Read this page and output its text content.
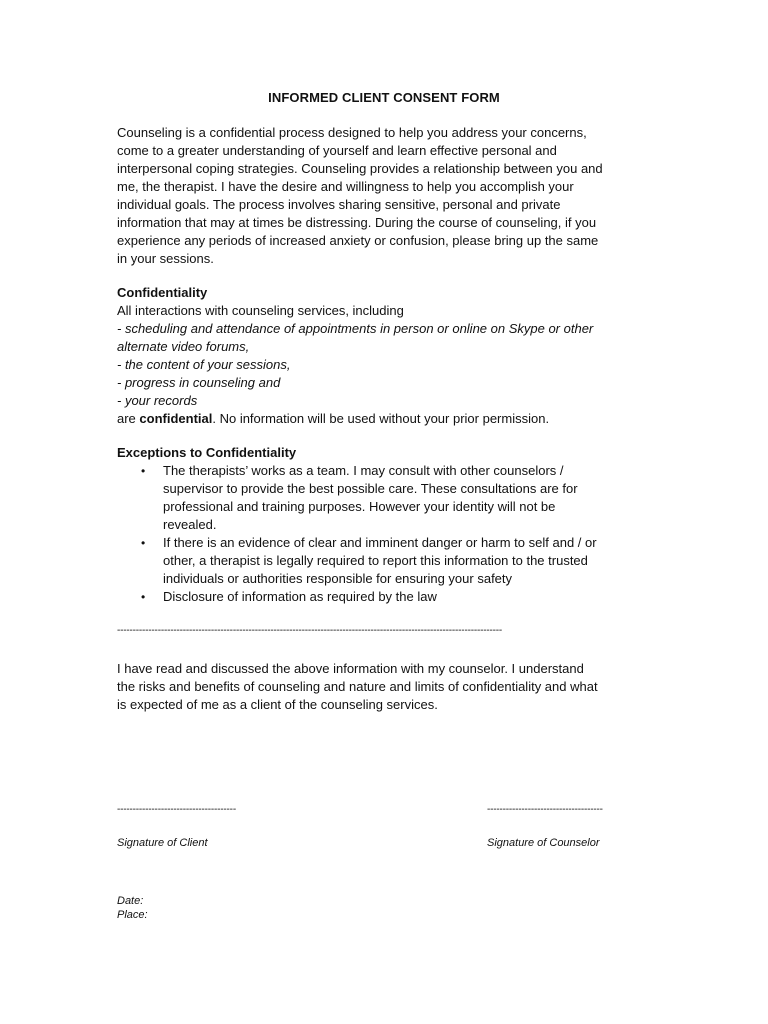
INFORMED CLIENT CONSENT FORM
Counseling is a confidential process designed to help you address your concerns,
come to a greater understanding of yourself and learn effective personal and
interpersonal coping strategies. Counseling provides a relationship between you and
me, the therapist. I have the desire and willingness to help you accomplish your
individual goals. The process involves sharing sensitive, personal and private
information that may at times be distressing. During the course of counseling, if you
experience any periods of increased anxiety or confusion, please bring up the same
in your sessions.
Confidentiality
All interactions with counseling services, including
- scheduling and attendance of appointments in person or online on Skype or other
alternate video forums,
- the content of your sessions,
- progress in counseling and
- your records
are confidential. No information will be used without your prior permission.
Exceptions to Confidentiality
• The therapists’ works as a team. I may consult with other counselors /
supervisor to provide the best possible care. These consultations are for
professional and training purposes. However your identity will not be
revealed.
• If there is an evidence of clear and imminent danger or harm to self and / or
other, a therapist is legally required to report this information to the trusted
individuals or authorities responsible for ensuring your safety
• Disclosure of information as required by the law
---------------------------------------------------------------------------------------------------------------------------
I have read and discussed the above information with my counselor. I understand
the risks and benefits of counseling and nature and limits of confidentiality and what
is expected of me as a client of the counseling services.
--------------------------------------	-------------------------------------
Signature of Client	Signature of Counselor
Date:
Place:
